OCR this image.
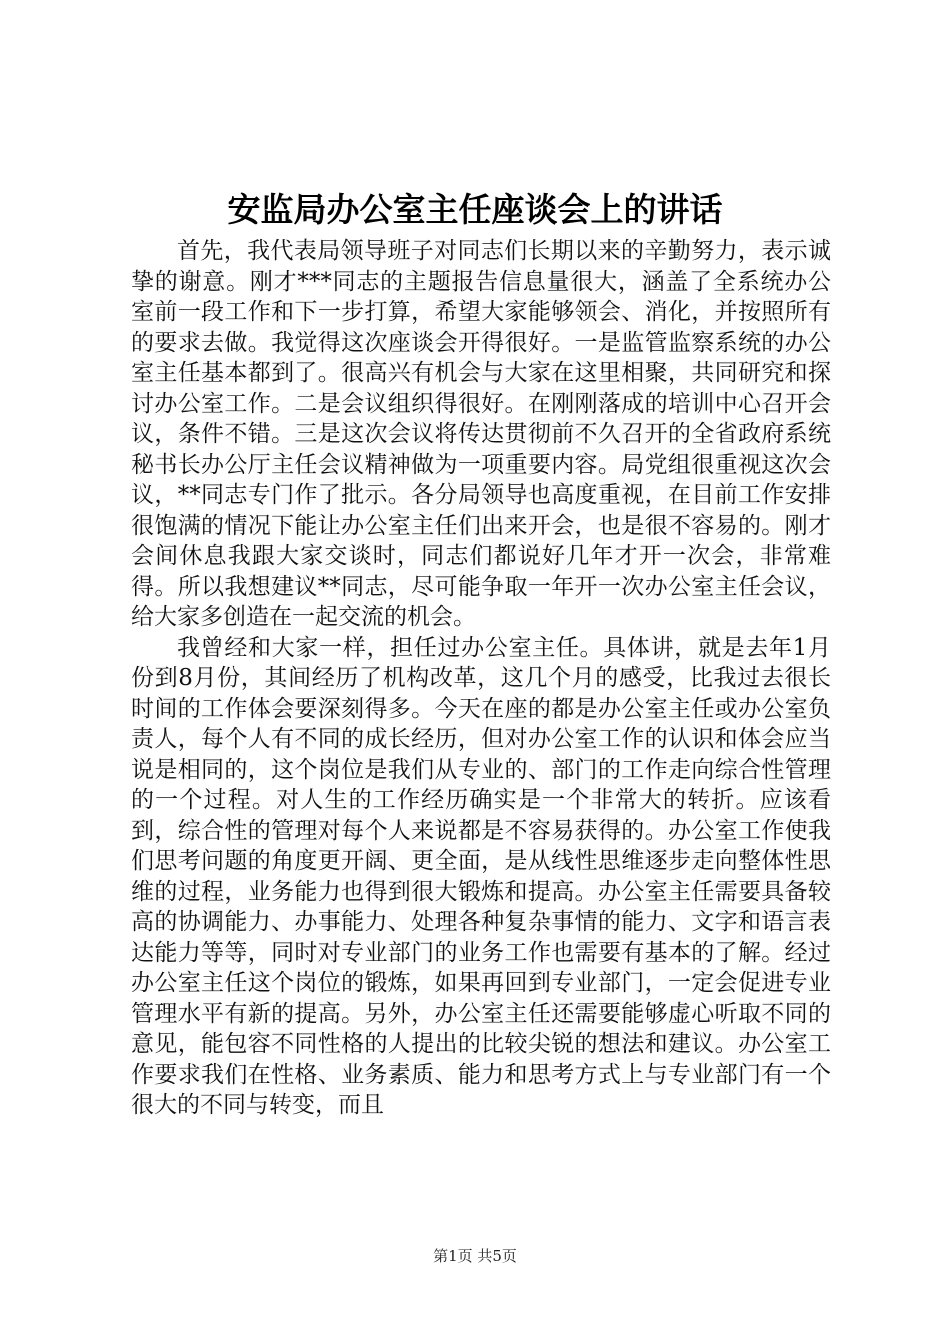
安监局办公室主任座谈会上的讲话

首先，我代表局领导班子对同志们长期以来的辛勤努力，表示诚挚的谢意。刚才***同志的主题报告信息量很大，涵盖了全系统办公室前一段工作和下一步打算，希望大家能够领会、消化，并按照所有的要求去做。我觉得这次座谈会开得很好。一是监管监察系统的办公室主任基本都到了。很高兴有机会与大家在这里相聚，共同研究和探讨办公室工作。二是会议组织得很好。在刚刚落成的培训中心召开会议，条件不错。三是这次会议将传达贯彻前不久召开的全省政府系统秘书长办公厅主任会议精神做为一项重要内容。局党组很重视这次会议，**同志专门作了批示。各分局领导也高度重视，在目前工作安排很饱满的情况下能让办公室主任们出来开会，也是很不容易的。刚才会间休息我跟大家交谈时，同志们都说好几年才开一次会，非常难得。所以我想建议**同志，尽可能争取一年开一次办公室主任会议，给大家多创造在一起交流的机会。

我曾经和大家一样，担任过办公室主任。具体讲，就是去年1月份到8月份，其间经历了机构改革，这几个月的感受，比我过去很长时间的工作体会要深刻得多。今天在座的都是办公室主任或办公室负责人，每个人有不同的成长经历，但对办公室工作的认识和体会应当说是相同的，这个岗位是我们从专业的、部门的工作走向综合性管理的一个过程。对人生的工作经历确实是一个非常大的转折。应该看到，综合性的管理对每个人来说都是不容易获得的。办公室工作使我们思考问题的角度更开阔、更全面，是从线性思维逐步走向整体性思维的过程，业务能力也得到很大锻炼和提高。办公室主任需要具备较高的协调能力、办事能力、处理各种复杂事情的能力、文字和语言表达能力等等，同时对专业部门的业务工作也需要有基本的了解。经过办公室主任这个岗位的锻炼，如果再回到专业部门，一定会促进专业管理水平有新的提高。另外，办公室主任还需要能够虚心听取不同的意见，能包容不同性格的人提出的比较尖锐的想法和建议。办公室工作要求我们在性格、业务素质、能力和思考方式上与专业部门有一个很大的不同与转变，而且

第1页 共5页
